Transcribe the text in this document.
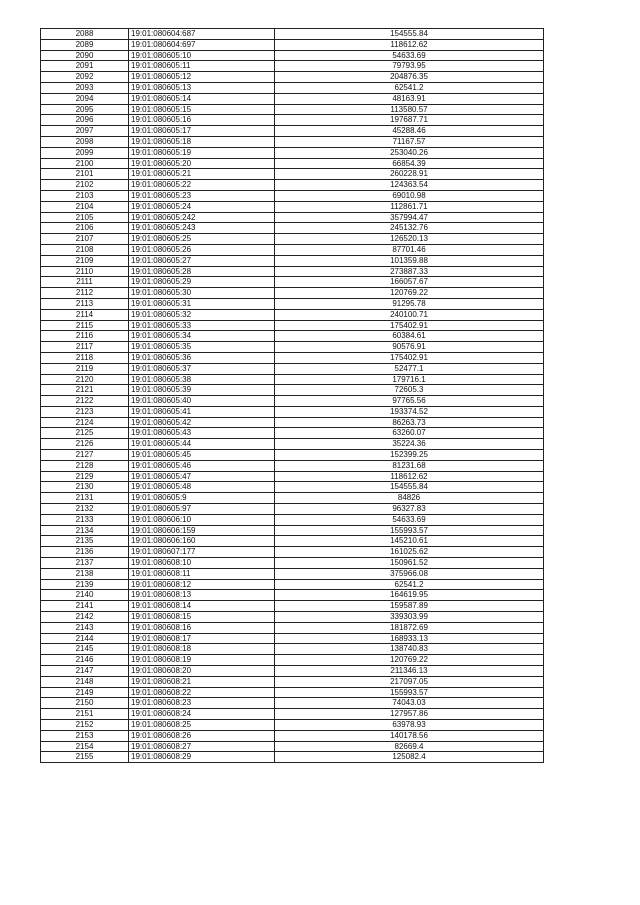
2088	19:01:080604:687	154555.84
2089	19:01:080604:697	118612.62
2090	19:01:080605:10	54633.69
2091	19:01:080605:11	79793.95
2092	19:01:080605:12	204876.35
2093	19:01:080605:13	62541.2
2094	19:01:080605:14	48163.91
2095	19:01:080605:15	113580.57
2096	19:01:080605:16	197687.71
2097	19:01:080605:17	45288.46
2098	19:01:080605:18	71167.57
2099	19:01:080605:19	253040.26
2100	19:01:080605:20	66854.39
2101	19:01:080605:21	260228.91
2102	19:01:080605:22	124363.54
2103	19:01:080605:23	69010.98
2104	19:01:080605:24	112861.71
2105	19:01:080605:242	357994.47
2106	19:01:080605:243	245132.76
2107	19:01:080605:25	126520.13
2108	19:01:080605:26	87701.46
2109	19:01:080605:27	101359.88
2110	19:01:080605:28	273887.33
2111	19:01:080605:29	166057.67
2112	19:01:080605:30	120769.22
2113	19:01:080605:31	91295.78
2114	19:01:080605:32	240100.71
2115	19:01:080605:33	175402.91
2116	19:01:080605:34	60384.61
2117	19:01:080605:35	90576.91
2118	19:01:080605:36	175402.91
2119	19:01:080605:37	52477.1
2120	19:01:080605:38	179716.1
2121	19:01:080605:39	72605.3
2122	19:01:080605:40	97765.56
2123	19:01:080605:41	193374.52
2124	19:01:080605:42	86263.73
2125	19:01:080605:43	63260.07
2126	19:01:080605:44	35224.36
2127	19:01:080605:45	152399.25
2128	19:01:080605:46	81231.68
2129	19:01:080605:47	118612.62
2130	19:01:080605:48	154555.84
2131	19:01:080605:9	84826
2132	19:01:080605:97	96327.83
2133	19:01:080606:10	54633.69
2134	19:01:080606:159	155993.57
2135	19:01:080606:160	145210.61
2136	19:01:080607:177	161025.62
2137	19:01:080608:10	150961.52
2138	19:01:080608:11	375966.08
2139	19:01:080608:12	62541.2
2140	19:01:080608:13	164619.95
2141	19:01:080608:14	159587.89
2142	19:01:080608:15	339303.99
2143	19:01:080608:16	181872.69
2144	19:01:080608:17	168933.13
2145	19:01:080608:18	138740.83
2146	19:01:080608:19	120769.22
2147	19:01:080608:20	211346.13
2148	19:01:080608:21	217097.05
2149	19:01:080608:22	155993.57
2150	19:01:080608:23	74043.03
2151	19:01:080608:24	127957.86
2152	19:01:080608:25	63978.93
2153	19:01:080608:26	140178.56
2154	19:01:080608:27	82669.4
2155	19:01:080608:29	125082.4
